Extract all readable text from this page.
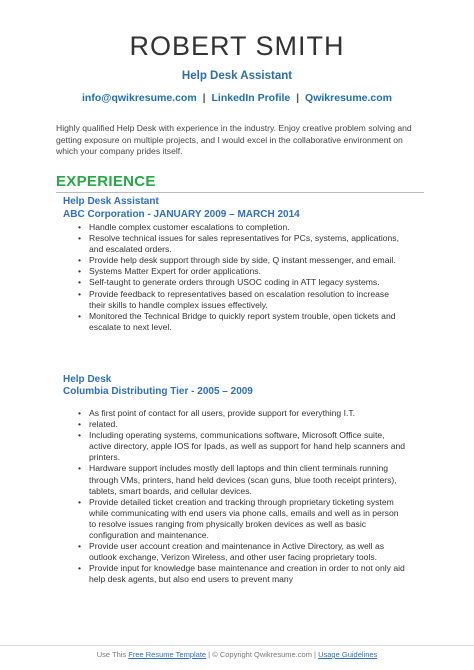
ROBERT SMITH
Help Desk Assistant
info@qwikresume.com | LinkedIn Profile | Qwikresume.com
Highly qualified Help Desk with experience in the industry. Enjoy creative problem solving and getting exposure on multiple projects, and I would excel in the collaborative environment on which your company prides itself.
EXPERIENCE
Help Desk Assistant
ABC Corporation - JANUARY 2009 – MARCH 2014
• Handle complex customer escalations to completion.
• Resolve technical issues for sales representatives for PCs, systems, applications, and escalated orders.
• Provide help desk support through side by side, Q instant messenger, and email.
• Systems Matter Expert for order applications.
• Self-taught to generate orders through USOC coding in ATT legacy systems.
• Provide feedback to representatives based on escalation resolution to increase their skills to handle complex issues effectively.
• Monitored the Technical Bridge to quickly report system trouble, open tickets and escalate to next level.
Help Desk
Columbia Distributing Tier - 2005 – 2009
• As first point of contact for all users, provide support for everything I.T.
• related.
• Including operating systems, communications software, Microsoft Office suite, active directory, apple IOS for Ipads, as well as support for hand help scanners and printers.
• Hardware support includes mostly dell laptops and thin client terminals running through VMs, printers, hand held devices (scan guns, blue tooth receipt printers), tablets, smart boards, and cellular devices.
• Provide detailed ticket creation and tracking through proprietary ticketing system while communicating with end users via phone calls, emails and well as in person to resolve issues ranging from physically broken devices as well as basic configuration and maintenance.
• Provide user account creation and maintenance in Active Directory, as well as outlook exchange, Verizon Wireless, and other user facing proprietary tools.
• Provide input for knowledge base maintenance and creation in order to not only aid help desk agents, but also end users to prevent many
Use This Free Resume Template | © Copyright Qwikresume.com | Usage Guidelines
